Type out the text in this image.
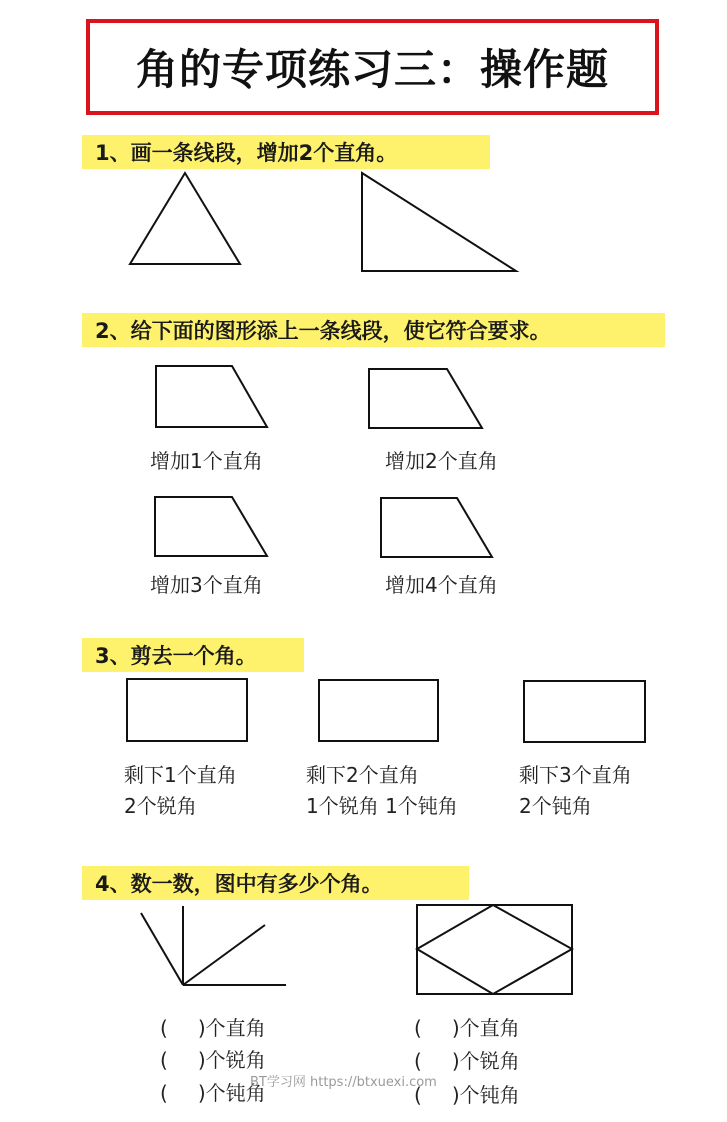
角的专项练习三：操作题
1、画一条线段，增加2个直角。
2、给下面的图形添上一条线段，使它符合要求。
增加1个直角	增加2个直角
增加3个直角	增加4个直角
3、剪去一个角。
剩下1个直角
2个锐角
剩下2个直角
1个锐角 1个钝角
剩下3个直角
2个钝角
4、数一数，图中有多少个角。
( )个直角
( )个锐角
( )个钝角
( )个直角
( )个锐角
( )个钝角
BT学习网 https://btxuexi.com
